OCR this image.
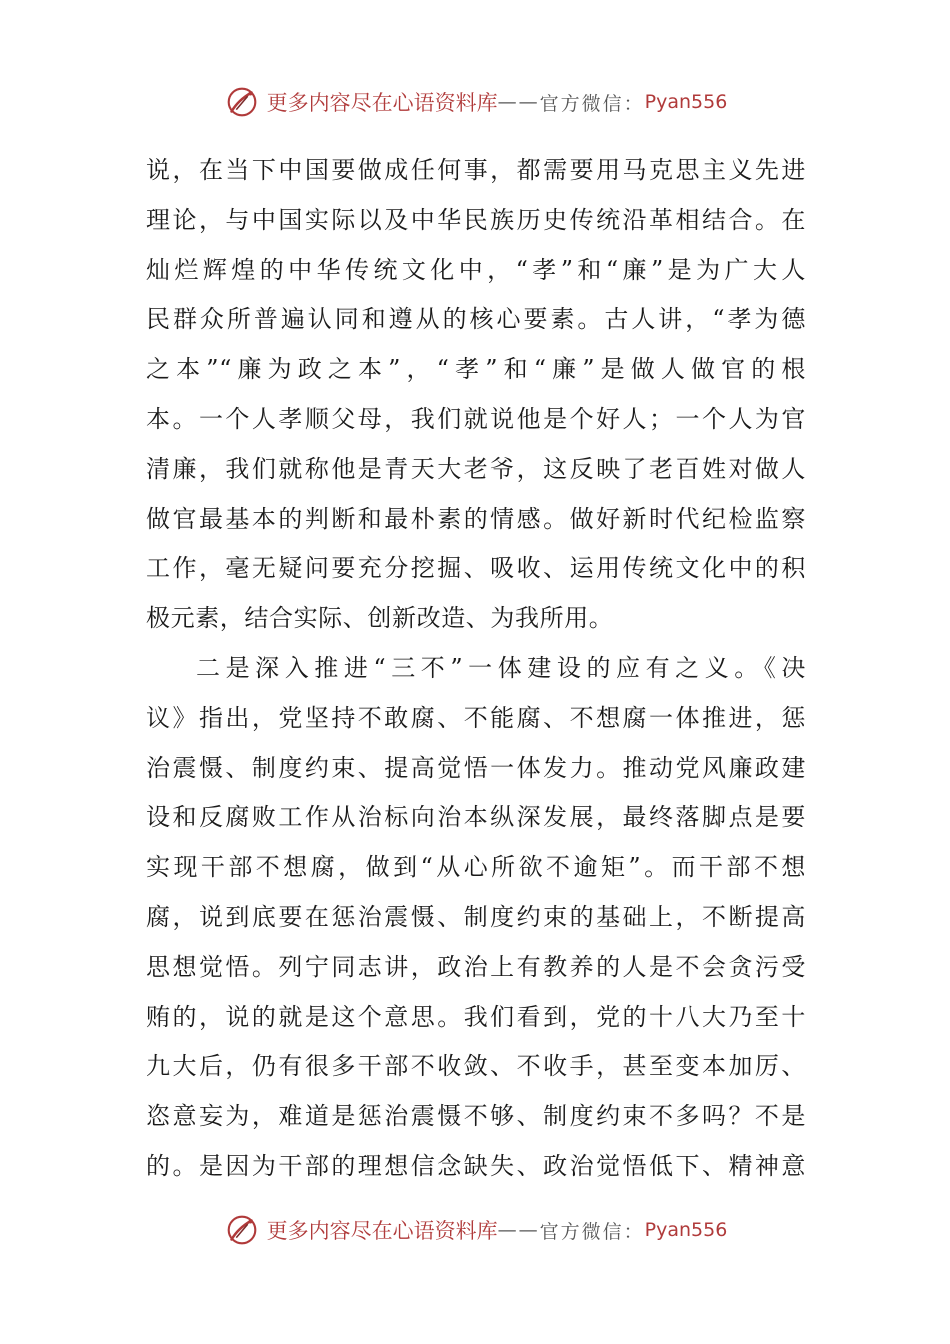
更多内容尽在心语资料库 —— 官方微信： Pyan556
说，在当下中国要做成任何事，都需要用马克思主义先进
理论，与中国实际以及中华民族历史传统沿革相结合。在
灿烂辉煌的中华传统文化中，“孝”和“廉”是为广大人
民群众所普遍认同和遵从的核心要素。古人讲，“孝为德
之本”“廉为政之本”，“孝”和“廉”是做人做官的根
本。一个人孝顺父母，我们就说他是个好人；一个人为官
清廉，我们就称他是青天大老爷，这反映了老百姓对做人
做官最基本的判断和最朴素的情感。做好新时代纪检监察
工作，毫无疑问要充分挖掘、吸收、运用传统文化中的积
极元素，结合实际、创新改造、为我所用。
二是深入推进“三不”一体建设的应有之义。《决
议》指出，党坚持不敢腐、不能腐、不想腐一体推进，惩
治震慑、制度约束、提高觉悟一体发力。推动党风廉政建
设和反腐败工作从治标向治本纵深发展，最终落脚点是要
实现干部不想腐，做到“从心所欲不逾矩”。而干部不想
腐，说到底要在惩治震慑、制度约束的基础上，不断提高
思想觉悟。列宁同志讲，政治上有教养的人是不会贪污受
贿的，说的就是这个意思。我们看到，党的十八大乃至十
九大后，仍有很多干部不收敛、不收手，甚至变本加厉、
恣意妄为，难道是惩治震慑不够、制度约束不多吗？不是
的。是因为干部的理想信念缺失、政治觉悟低下、精神意
更多内容尽在心语资料库 —— 官方微信： Pyan556
